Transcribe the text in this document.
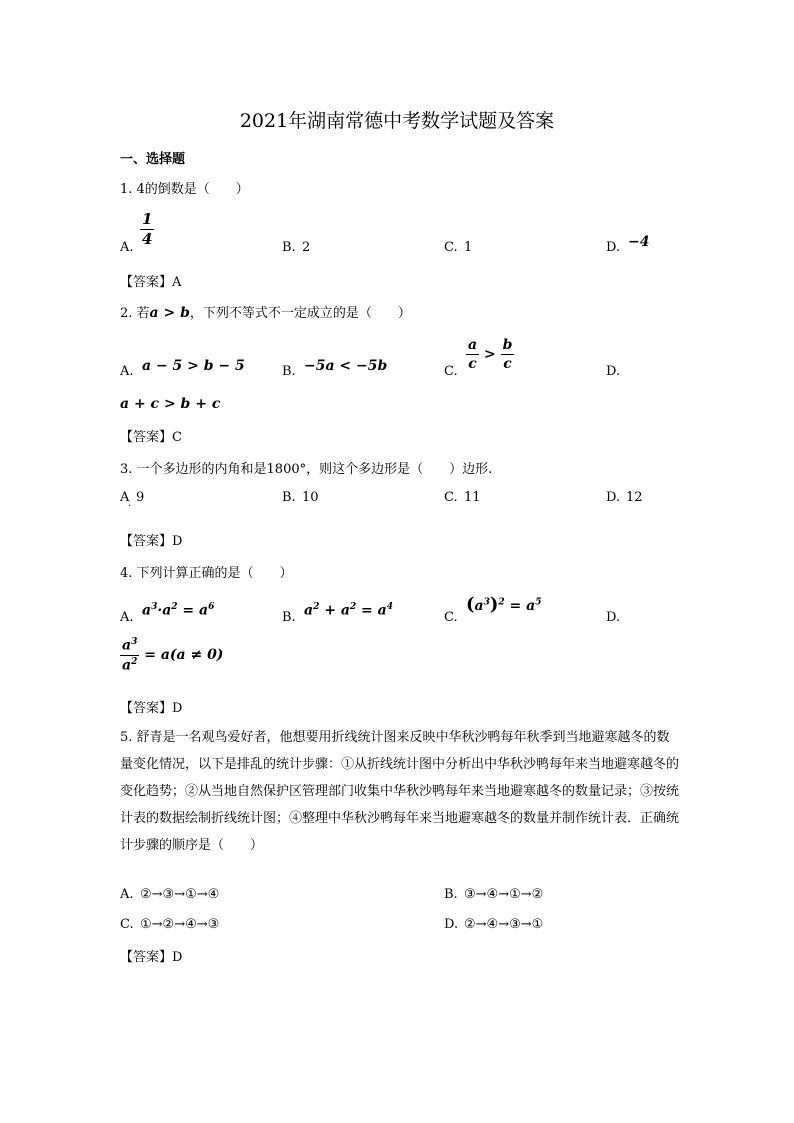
2021年湖南常德中考数学试题及答案
一、选择题
1. 4的倒数是（　　）
A.
$\frac{1}{4}$
B. 2	C. 1	D. −4
【答案】A
2. 若a > b，下列不等式不一定成立的是（　　）
A. a − 5 > b − 5	B. −5a < −5b	C.
$\frac{a}{c} > \frac{b}{c}$
D.
a + c > b + c
【答案】C
3. 一个多边形的内角和是1800°，则这个多边形是（　　）边形.
A
. 9	B. 10	C. 11	D. 12
【答案】D
4. 下列计算正确的是（　　）
A. $a^3\cdot a^2 = a^6$
B. $a^2 + a^2 = a^4$
C.
$(a^3)^2 = a^5$
D.
$\frac{a^3}{a^2} = a(a \ne 0)$
【答案】D
5. 舒青是一名观鸟爱好者，他想要用折线统计图来反映中华秋沙鸭每年秋季到当地避寒越冬的数量变化情况，以下是排乱的统计步骤：①从折线统计图中分析出中华秋沙鸭每年来当地避寒越冬的变化趋势；②从当地自然保护区管理部门收集中华秋沙鸭每年来当地避寒越冬的数量记录；③按统计表的数据绘制折线统计图；④整理中华秋沙鸭每年来当地避寒越冬的数量并制作统计表．正确统计步骤的顺序是（　　）
A. ②→③→①→④	B. ③→④→①→②
C. ①→②→④→③	D. ②→④→③→①
【答案】D
